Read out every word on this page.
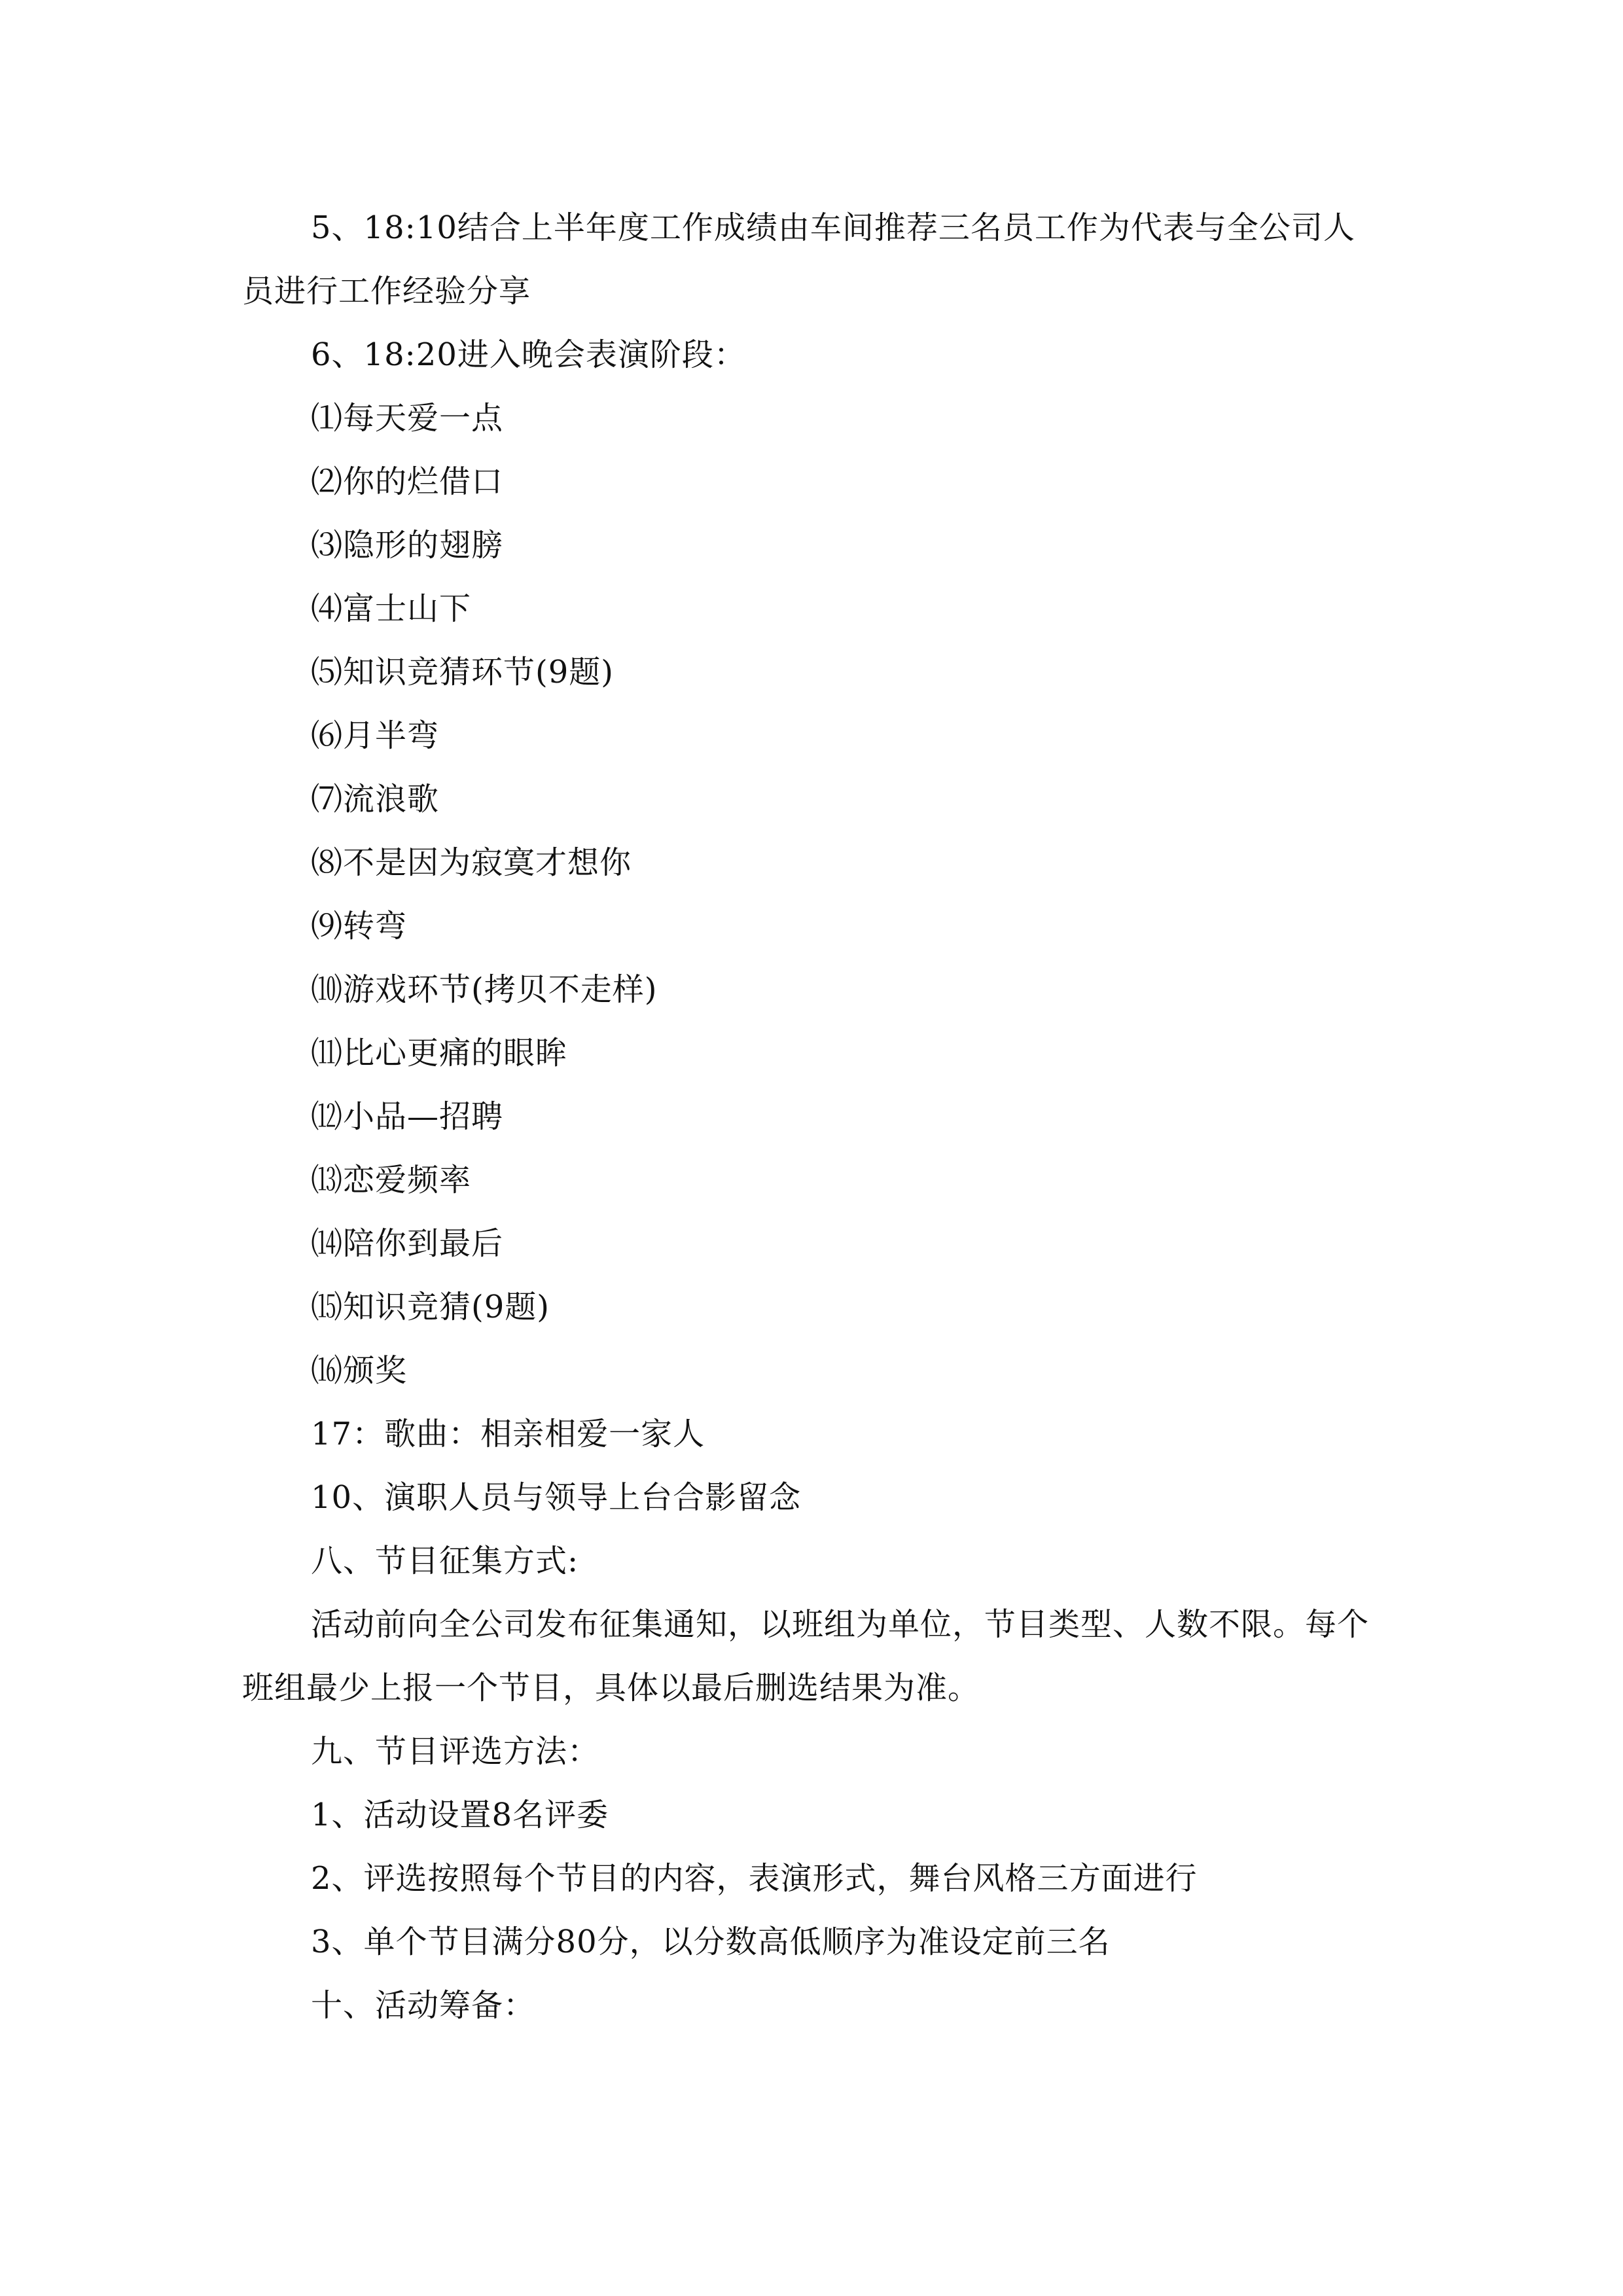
5、18:10结合上半年度工作成绩由车间推荐三名员工作为代表与全公司人
员进行工作经验分享
6、18:20进入晚会表演阶段：
⑴每天爱一点
⑵你的烂借口
⑶隐形的翅膀
⑷富士山下
⑸知识竞猜环节(9题)
⑹月半弯
⑺流浪歌
⑻不是因为寂寞才想你
⑼转弯
⑽游戏环节(拷贝不走样)
⑾比心更痛的眼眸
⑿小品—招聘
⒀恋爱频率
⒁陪你到最后
⒂知识竞猜(9题)
⒃颁奖
17：歌曲：相亲相爱一家人
10、演职人员与领导上台合影留念
八、节目征集方式:
活动前向全公司发布征集通知，以班组为单位，节目类型、人数不限。每个
班组最少上报一个节目，具体以最后删选结果为准。
九、节目评选方法：
1、活动设置8名评委
2、评选按照每个节目的内容，表演形式，舞台风格三方面进行
3、单个节目满分80分，以分数高低顺序为准设定前三名
十、活动筹备：
